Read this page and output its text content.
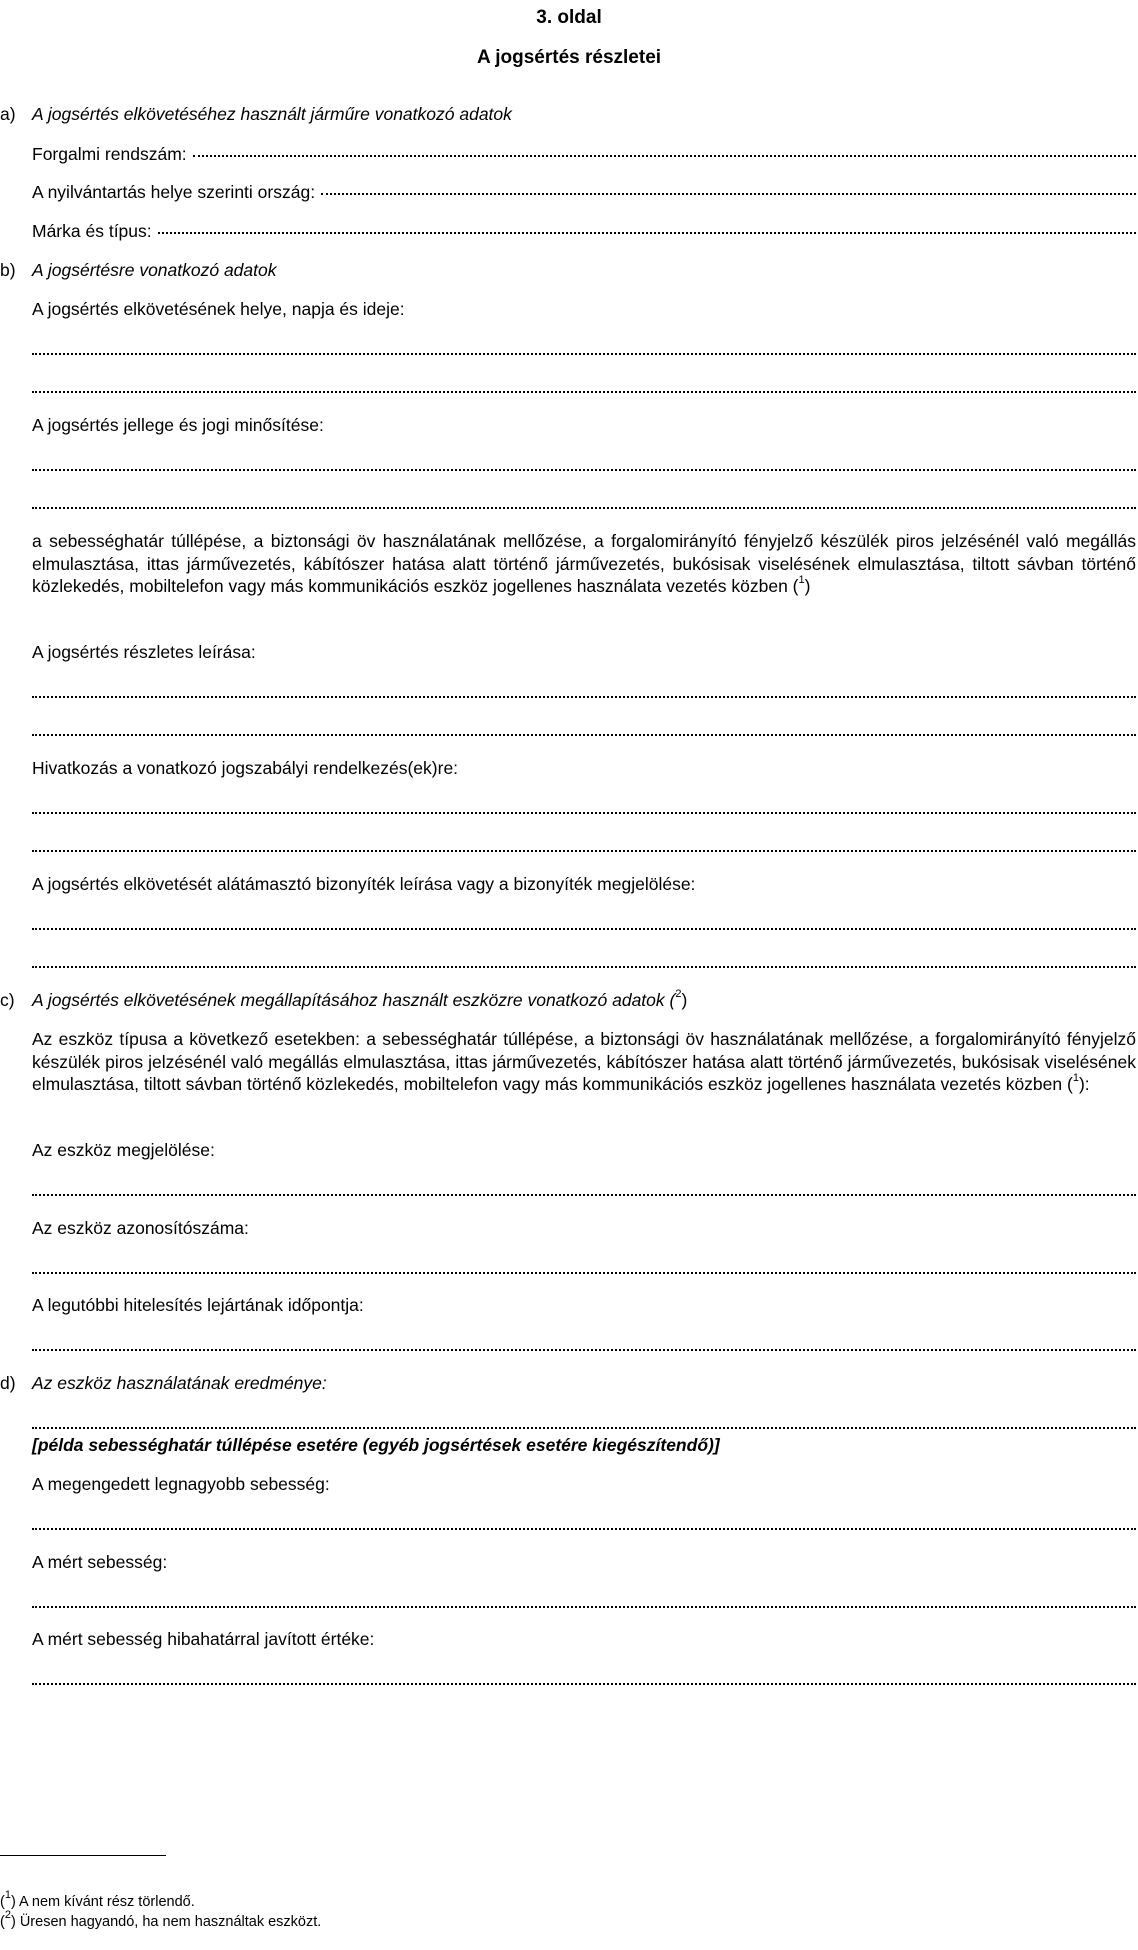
3. oldal
A jogsértés részletei
a) A jogsértés elkövetéséhez használt járműre vonatkozó adatok
Forgalmi rendszám:
A nyilvántartás helye szerinti ország:
Márka és típus:
b) A jogsértésre vonatkozó adatok
A jogsértés elkövetésének helye, napja és ideje:
A jogsértés jellege és jogi minősítése:
a sebességhatár túllépése, a biztonsági öv használatának mellőzése, a forgalomirányító fényjelző készülék piros jelzésénél való megállás elmulasztása, ittas járművezetés, kábítószer hatása alatt történő járművezetés, bukósisak viselésének elmulasztása, tiltott sávban történő közlekedés, mobiltelefon vagy más kommunikációs eszköz jogellenes használata vezetés közben ($^1$)
A jogsértés részletes leírása:
Hivatkozás a vonatkozó jogszabályi rendelkezés(ek)re:
A jogsértés elkövetését alátámasztó bizonyíték leírása vagy a bizonyíték megjelölése:
c) A jogsértés elkövetésének megállapításához használt eszközre vonatkozó adatok ($^2$)
Az eszköz típusa a következő esetekben: a sebességhatár túllépése, a biztonsági öv használatának mellőzése, a forgalomirányító fényjelző készülék piros jelzésénél való megállás elmulasztása, ittas járművezetés, kábítószer hatása alatt történő járművezetés, bukósisak viselésének elmulasztása, tiltott sávban történő közlekedés, mobiltelefon vagy más kommunikációs eszköz jogellenes használata vezetés közben ($^1$):
Az eszköz megjelölése:
Az eszköz azonosítószáma:
A legutóbbi hitelesítés lejártának időpontja:
d) Az eszköz használatának eredménye:
[példa sebességhatár túllépése esetére (egyéb jogsértések esetére kiegészítendő)]
A megengedett legnagyobb sebesség:
A mért sebesség:
A mért sebesség hibahatárral javított értéke:
($^1$) A nem kívánt rész törlendő.
($^2$) Üresen hagyandó, ha nem használtak eszközt.
